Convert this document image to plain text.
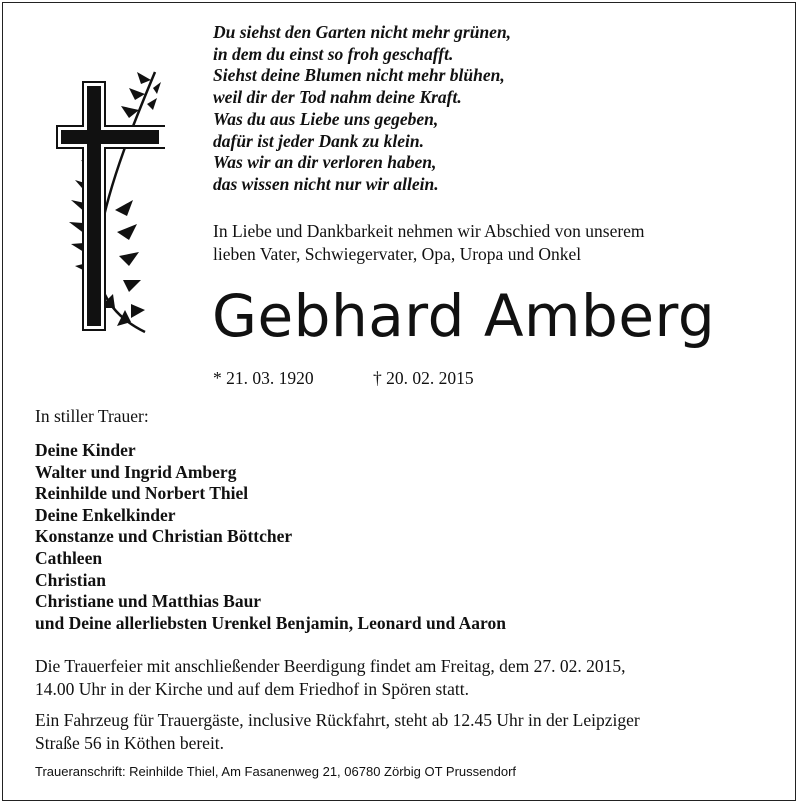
Du siehst den Garten nicht mehr grünen,
in dem du einst so froh geschafft.
Siehst deine Blumen nicht mehr blühen,
weil dir der Tod nahm deine Kraft.
Was du aus Liebe uns gegeben,
dafür ist jeder Dank zu klein.
Was wir an dir verloren haben,
das wissen nicht nur wir allein.
In Liebe und Dankbarkeit nehmen wir Abschied von unserem
lieben Vater, Schwiegervater, Opa, Uropa und Onkel
Gebhard Amberg
* 21. 03. 1920	† 20. 02. 2015
In stiller Trauer:
Deine Kinder
Walter und Ingrid Amberg
Reinhilde und Norbert Thiel
Deine Enkelkinder
Konstanze und Christian Böttcher
Cathleen
Christian
Christiane und Matthias Baur
und Deine allerliebsten Urenkel Benjamin, Leonard und Aaron
Die Trauerfeier mit anschließender Beerdigung findet am Freitag, dem 27. 02. 2015,
14.00 Uhr in der Kirche und auf dem Friedhof in Spören statt.
Ein Fahrzeug für Trauergäste, inclusive Rückfahrt, steht ab 12.45 Uhr in der Leipziger
Straße 56 in Köthen bereit.
Traueranschrift: Reinhilde Thiel, Am Fasanenweg 21, 06780 Zörbig OT Prussendorf
